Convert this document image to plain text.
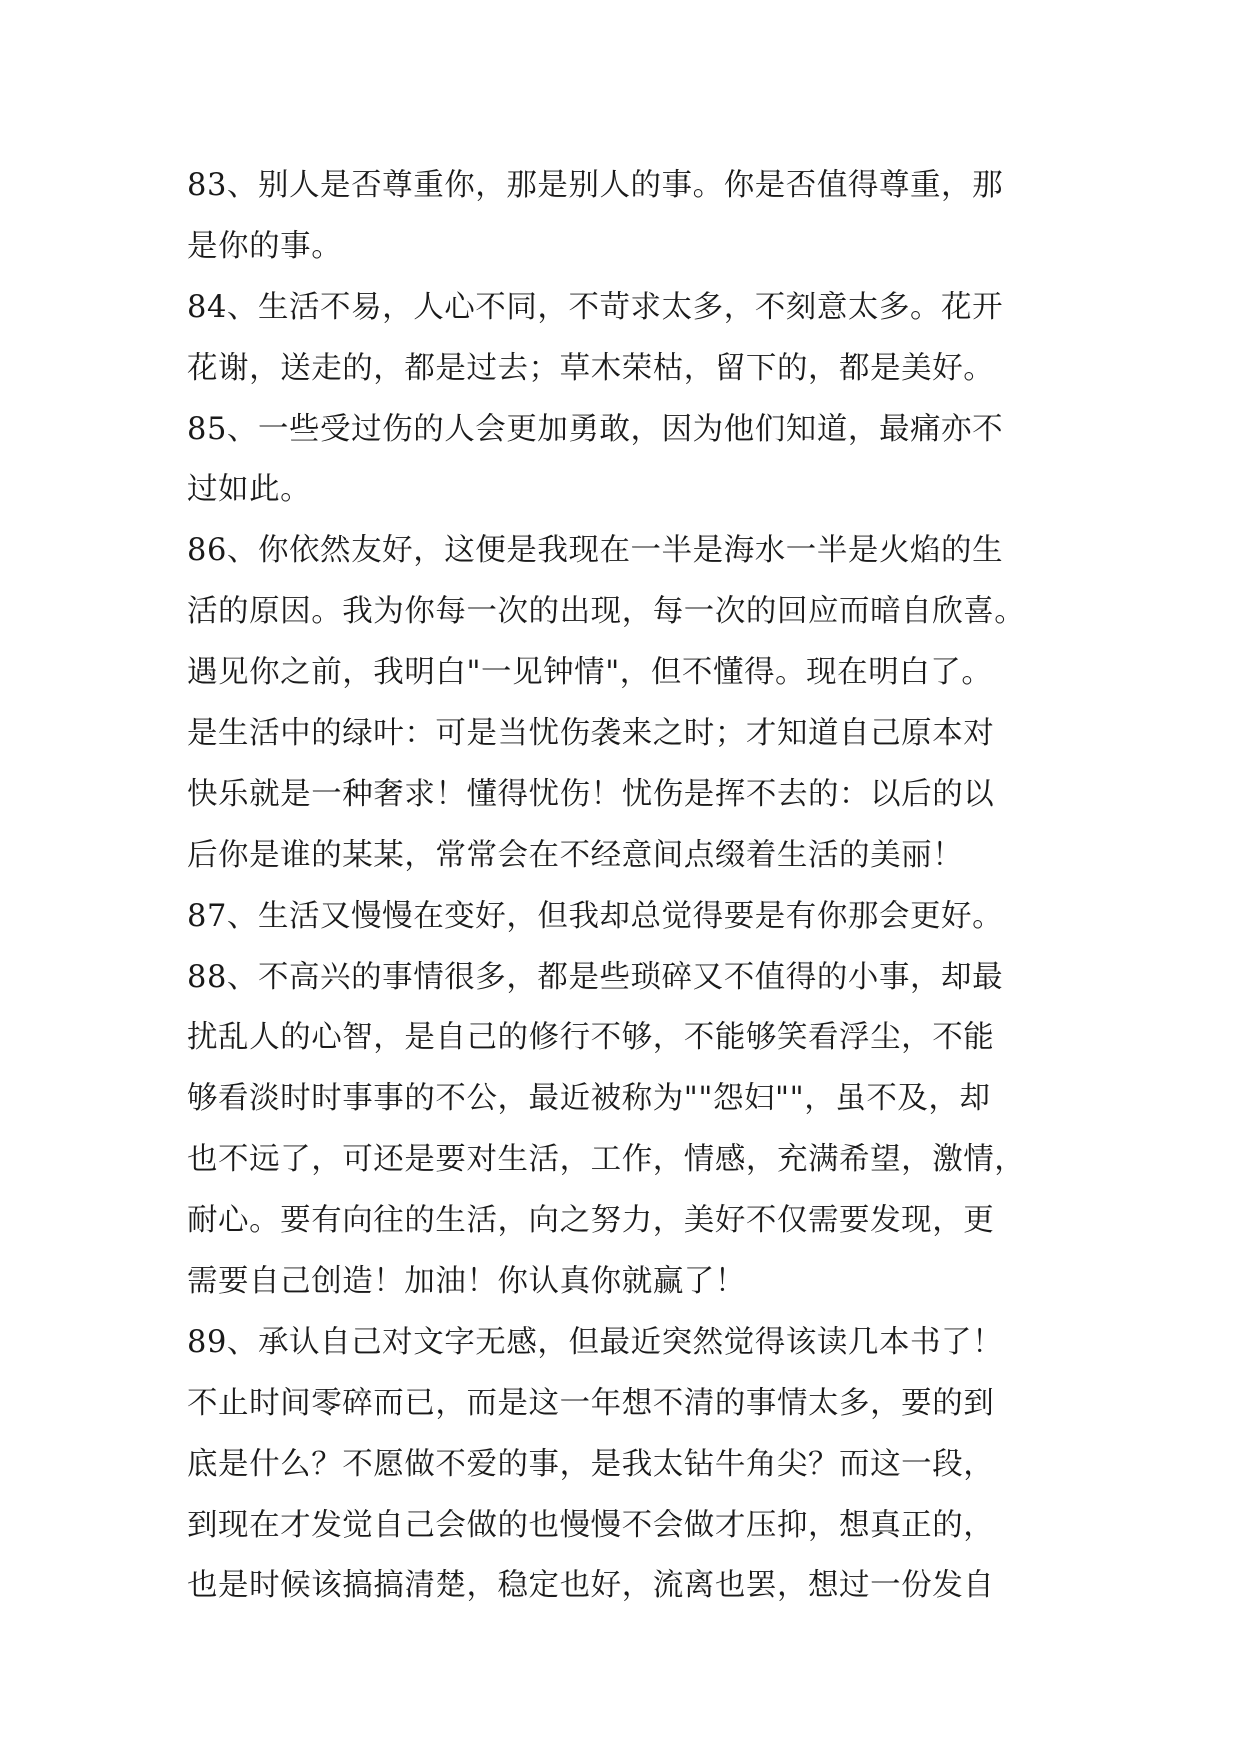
83、别人是否尊重你，那是别人的事。你是否值得尊重，那
是你的事。
84、生活不易，人心不同，不苛求太多，不刻意太多。花开
花谢，送走的，都是过去；草木荣枯，留下的，都是美好。
85、一些受过伤的人会更加勇敢，因为他们知道，最痛亦不
过如此。
86、你依然友好，这便是我现在一半是海水一半是火焰的生
活的原因。我为你每一次的出现，每一次的回应而暗自欣喜。
遇见你之前，我明白"一见钟情"，但不懂得。现在明白了。
是生活中的绿叶：可是当忧伤袭来之时；才知道自己原本对
快乐就是一种奢求！懂得忧伤！忧伤是挥不去的：以后的以
后你是谁的某某，常常会在不经意间点缀着生活的美丽！
87、生活又慢慢在变好，但我却总觉得要是有你那会更好。
88、不高兴的事情很多，都是些琐碎又不值得的小事，却最
扰乱人的心智，是自己的修行不够，不能够笑看浮尘，不能
够看淡时时事事的不公，最近被称为""怨妇""，虽不及，却
也不远了，可还是要对生活，工作，情感，充满希望，激情，
耐心。要有向往的生活，向之努力，美好不仅需要发现，更
需要自己创造！加油！你认真你就赢了！
89、承认自己对文字无感，但最近突然觉得该读几本书了！
不止时间零碎而已，而是这一年想不清的事情太多，要的到
底是什么？不愿做不爱的事，是我太钻牛角尖？而这一段，
到现在才发觉自己会做的也慢慢不会做才压抑，想真正的，
也是时候该搞搞清楚，稳定也好，流离也罢，想过一份发自
